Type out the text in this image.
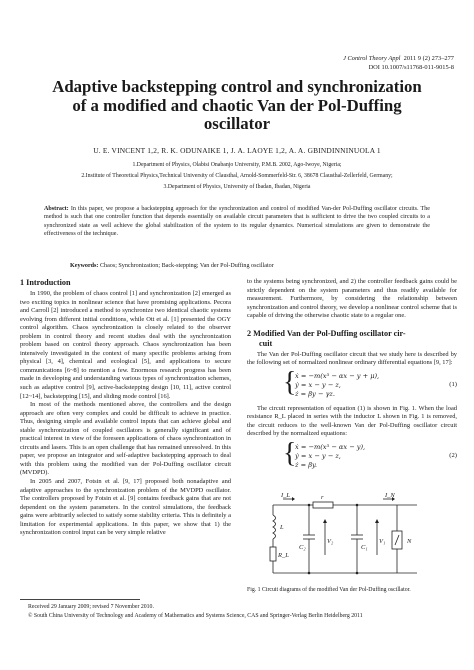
J Control Theory Appl 2011 9 (2) 273–277
DOI 10.1007/s11768-011-9015-8
Adaptive backstepping control and synchronization
of a modified and chaotic Van der Pol-Duffing
oscillator
U. E. VINCENT 1,2, R. K. ODUNAIKE 1, J. A. LAOYE 1,2, A. A. GBINDINNINUOLA 1
1.Department of Physics, Olabisi Onabanjo University, P.M.B. 2002, Ago-Iwoye, Nigeria;
2.Institute of Theoretical Physics,Technical University of Clausthal, Arnold-Sommerfeld-Str. 6, 38678 Clausthal-Zellerfeld, Germany;
3.Department of Physics, University of Ibadan, Ibadan, Nigeria
Abstract: In this paper, we propose a backstepping approach for the synchronization and control of modified Van-der Pol-Duffing oscillator circuits. The method is such that one controller function that depends essentially on available circuit parameters that is sufficient to drive the two coupled circuits to a synchronized state as well achieve the global stabilization of the system to its regular dynamics. Numerical simulations are given to demonstrate the effectiveness of the technique.
Keywords: Chaos; Synchronization; Back-stepping; Van der Pol-Duffing oscillator
1 Introduction

In 1990, the problem of chaos control [1] and synchronization [2] emerged as two exciting topics in nonlinear science that have promising applications. Pecora and Carroll [2] introduced a method to synchronize two identical chaotic systems evolving from different initial conditions, while Ott et al. [1] presented the OGY control algorithm. Chaos synchronization is closely related to the observer problem in control theory and recent studies deal with the synchronization problem based on control theory approach. Chaos synchronization has been intensively investigated in the context of many specific problems arising from physical [3, 4], chemical and ecological [5], and applications to secure communications [6~8] to mention a few. Enormous research progress has been made in developing and understanding various types of synchronization schemes, such as adaptive control [9], active-backstepping design [10, 11], active control [12~14], backstepping [15], and sliding mode control [16].

In most of the methods mentioned above, the controllers and the design approach are often very complex and could be difficult to achieve in practice. Thus, designing simple and available control inputs that can achieve global and stable synchronization of coupled oscillators is generally significant and of practical interest in view of the foreseen applications of chaos synchronization in circuits and lasers. This is an open challenge that has remained unresolved. In this paper, we propose an integrator and self-adaptive backstepping approach to deal with this problem using the modified van der Pol-Duffing oscillator circuit (MVDPD).

In 2005 and 2007, Fotsin et al. [9, 17] proposed both nonadaptive and adaptive approaches to the synchronization problem of the MVDPD oscillator. The controllers proposed by Fotsin et al. [9] contains feedback gains that are not dependent on the system parameters. In the control simulations, the feedback gains were arbitrarily selected to satisfy some stability criteria. This is definitely a limitation for experimental applications. In this paper, we show that 1) the synchronization control input can be very simple relative

to the systems being synchronized, and 2) the controller feedback gains could be strictly dependent on the system parameters and thus readily available for measurement. Furthermore, by considering the relationship between synchronization and control theory, we develop a nonlinear control scheme that is capable of driving the otherwise chaotic state to a regular one.

2 Modified Van der Pol-Duffing oscillator cir-
cuit

The Van der Pol-Duffing oscillator circuit that we study here is described by the following set of normalized nonlinear ordinary differential equations [9, 17]:

{
ẋ = −m(x³ − αx − y + μ),
ẏ = x − y − z,
ż = βy − γz.
(1)

The circuit representation of equation (1) is shown in Fig. 1. When the load resistance R_L placed in series with the inductor L shown in Fig. 1 is removed, the circuit reduces to the well-known Van der Pol-Duffing oscillator circuit described by the normalized equations:

{
ẋ = −m(x³ − αx − y),
ẏ = x − y − z,
ż = βy.
(2)
I_L	r	I_N
L
R_L
V₂
C₂	C₁
V₁	N
Fig. 1 Circuit diagrams of the modified Van der Pol-Duffing oscillator.
Received 29 January 2009; revised 7 November 2010.
© South China University of Technology and Academy of Mathematics and Systems Science, CAS and Springer-Verlag Berlin Heidelberg 2011
